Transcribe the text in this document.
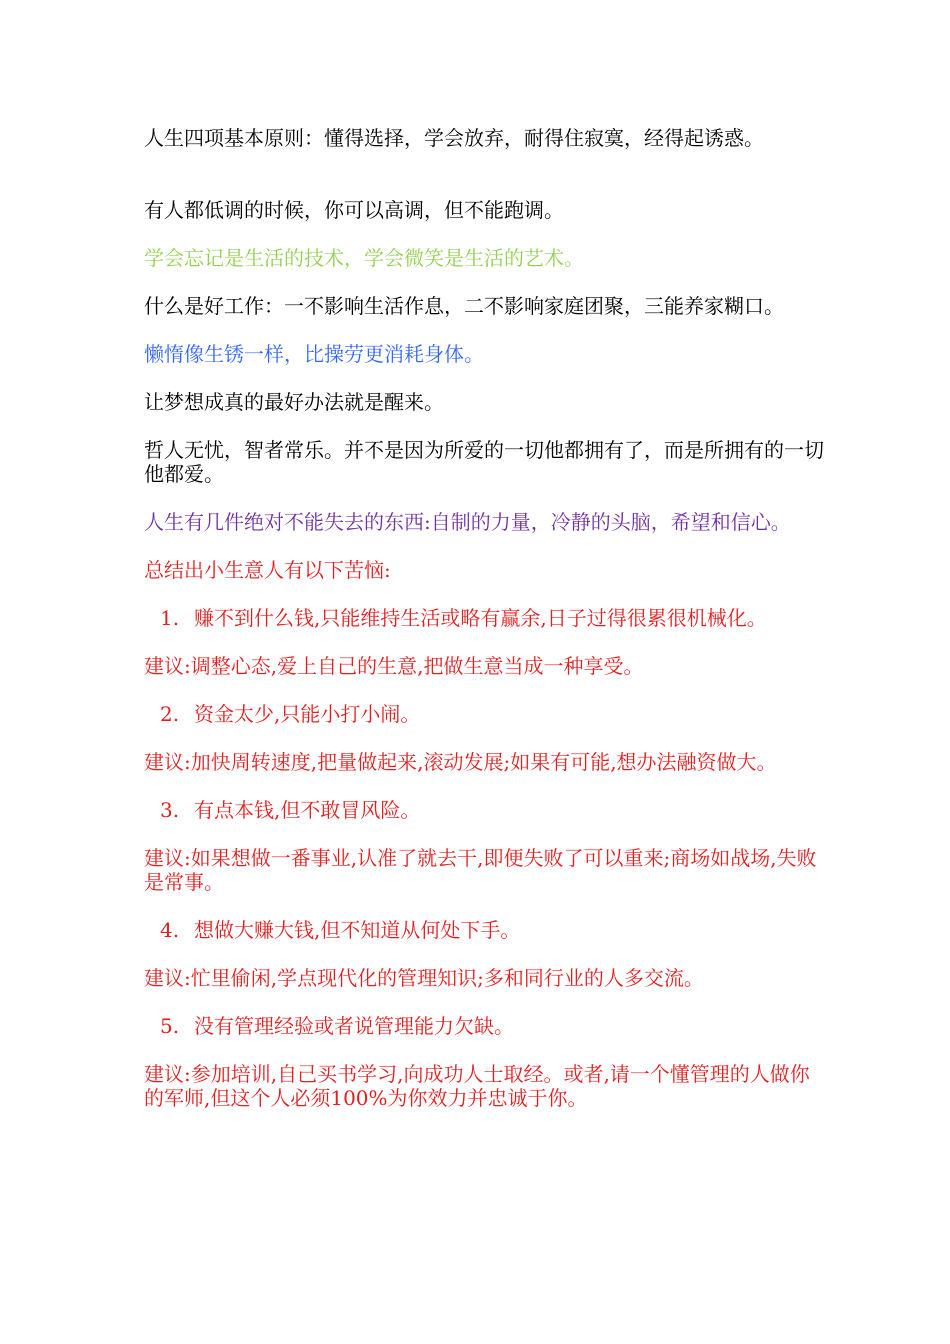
人生四项基本原则：懂得选择，学会放弃，耐得住寂寞，经得起诱惑。

有人都低调的时候，你可以高调，但不能跑调。

学会忘记是生活的技术，学会微笑是生活的艺术。

什么是好工作：一不影响生活作息，二不影响家庭团聚，三能养家糊口。

懒惰像生锈一样，比操劳更消耗身体。

让梦想成真的最好办法就是醒来。

哲人无忧，智者常乐。并不是因为所爱的一切他都拥有了，而是所拥有的一切他都爱。

人生有几件绝对不能失去的东西:自制的力量，冷静的头脑，希望和信心。

总结出小生意人有以下苦恼:

1. 赚不到什么钱,只能维持生活或略有赢余,日子过得很累很机械化。

建议:调整心态,爱上自己的生意,把做生意当成一种享受。

2. 资金太少,只能小打小闹。

建议:加快周转速度,把量做起来,滚动发展;如果有可能,想办法融资做大。

3. 有点本钱,但不敢冒风险。

建议:如果想做一番事业,认准了就去干,即便失败了可以重来;商场如战场,失败是常事。

4. 想做大赚大钱,但不知道从何处下手。

建议:忙里偷闲,学点现代化的管理知识;多和同行业的人多交流。

5. 没有管理经验或者说管理能力欠缺。

建议:参加培训,自己买书学习,向成功人士取经。或者,请一个懂管理的人做你的军师,但这个人必须100%为你效力并忠诚于你。
